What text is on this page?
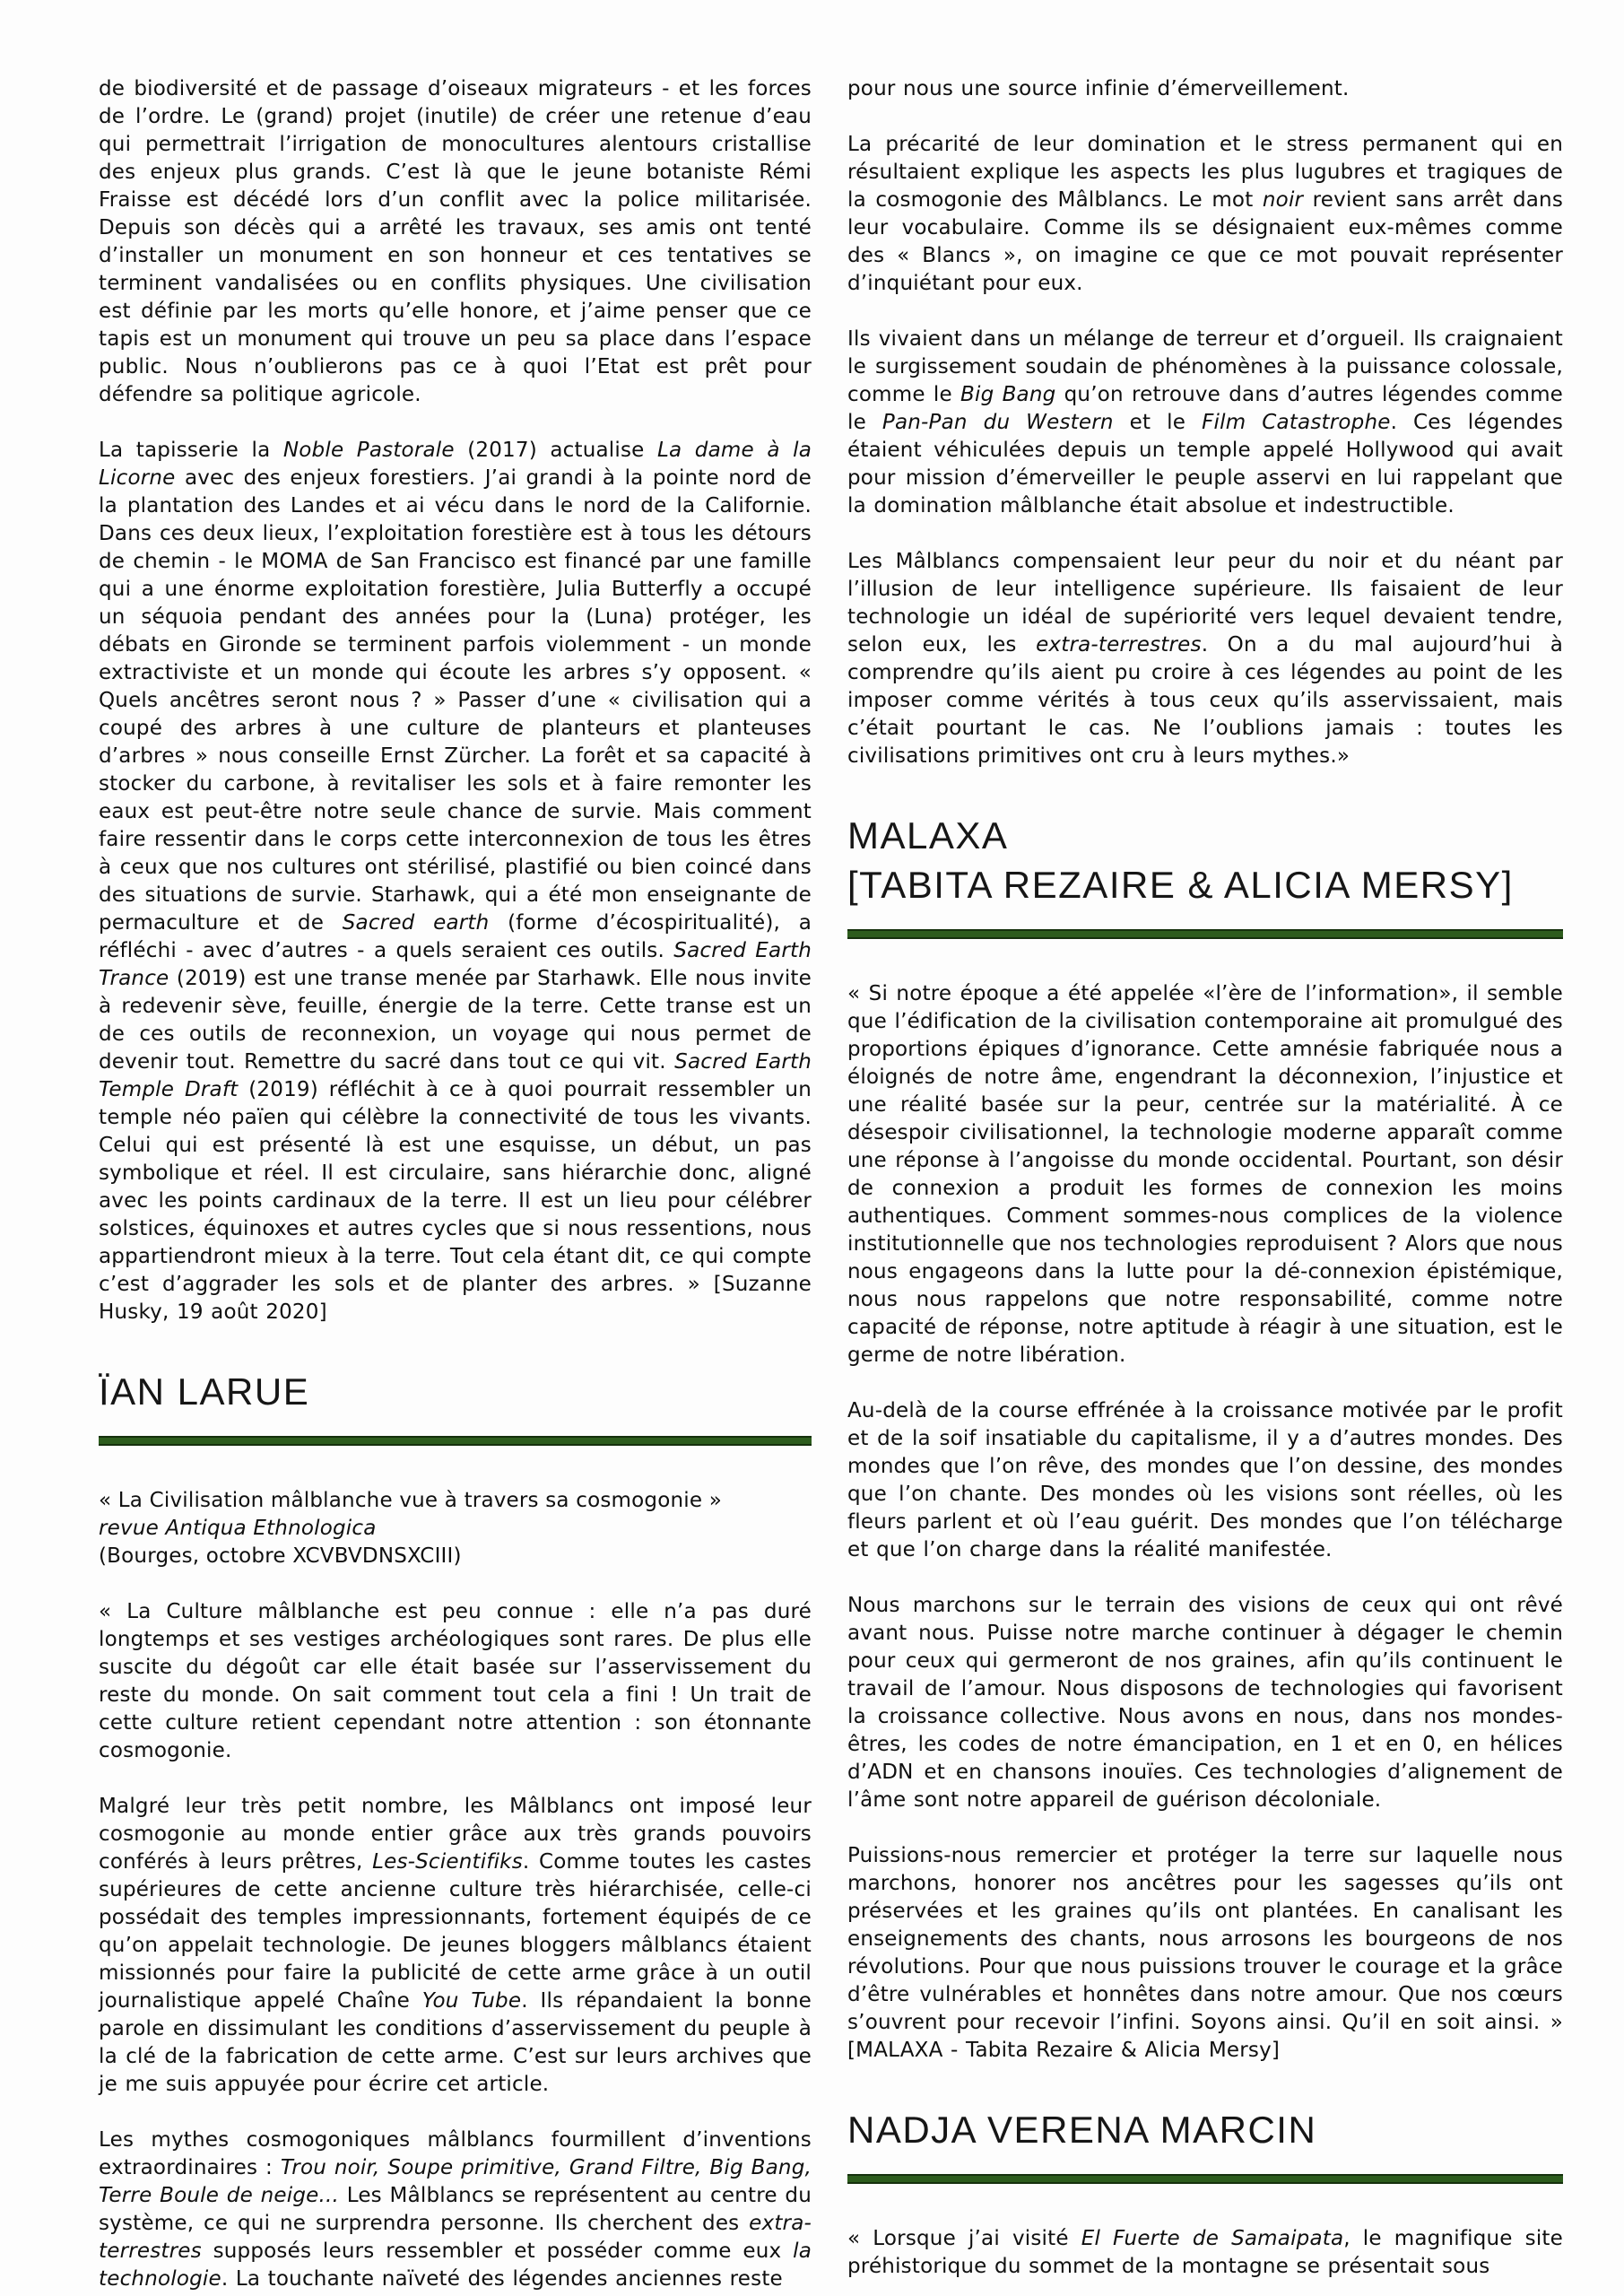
de biodiversité et de passage d’oiseaux migrateurs - et les forces de l’ordre. Le (grand) projet (inutile) de créer une retenue d’eau qui permettrait l’irrigation de monocultures alentours cristallise des enjeux plus grands. C’est là que le jeune botaniste Rémi Fraisse est décédé lors d’un conflit avec la police militarisée. Depuis son décès qui a arrêté les travaux, ses amis ont tenté d’installer un monument en son honneur et ces tentatives se terminent vandalisées ou en conflits physiques. Une civilisation est définie par les morts qu’elle honore, et j’aime penser que ce tapis est un monument qui trouve un peu sa place dans l’espace public. Nous n’oublierons pas ce à quoi l’Etat est prêt pour défendre sa politique agricole.

La tapisserie la Noble Pastorale (2017) actualise La dame à la Licorne avec des enjeux forestiers. J’ai grandi à la pointe nord de la plantation des Landes et ai vécu dans le nord de la Californie. Dans ces deux lieux, l’exploitation forestière est à tous les détours de chemin - le MOMA de San Francisco est financé par une famille qui a une énorme exploitation forestière, Julia Butterfly a occupé un séquoia pendant des années pour la (Luna) protéger, les débats en Gironde se terminent parfois violemment - un monde extractiviste et un monde qui écoute les arbres s’y opposent. « Quels ancêtres seront nous ? » Passer d’une « civilisation qui a coupé des arbres à une culture de planteurs et planteuses d’arbres » nous conseille Ernst Zürcher. La forêt et sa capacité à stocker du carbone, à revitaliser les sols et à faire remonter les eaux est peut-être notre seule chance de survie. Mais comment faire ressentir dans le corps cette interconnexion de tous les êtres à ceux que nos cultures ont stérilisé, plastifié ou bien coincé dans des situations de survie. Starhawk, qui a été mon enseignante de permaculture et de Sacred earth (forme d’écospiritualité), a réfléchi - avec d’autres - a quels seraient ces outils. Sacred Earth Trance (2019) est une transe menée par Starhawk. Elle nous invite à redevenir sève, feuille, énergie de la terre. Cette transe est un de ces outils de reconnexion, un voyage qui nous permet de devenir tout. Remettre du sacré dans tout ce qui vit. Sacred Earth Temple Draft (2019) réfléchit à ce à quoi pourrait ressembler un temple néo païen qui célèbre la connectivité de tous les vivants. Celui qui est présenté là est une esquisse, un début, un pas symbolique et réel. Il est circulaire, sans hiérarchie donc, aligné avec les points cardinaux de la terre. Il est un lieu pour célébrer solstices, équinoxes et autres cycles que si nous ressentions, nous appartiendront mieux à la terre. Tout cela étant dit, ce qui compte c’est d’aggrader les sols et de planter des arbres. » [Suzanne Husky, 19 août 2020]

ÏAN LARUE
« La Civilisation mâlblanche vue à travers sa cosmogonie »
revue Antiqua Ethnologica
(Bourges, octobre XCVBVDNSXCIII)

« La Culture mâlblanche est peu connue : elle n’a pas duré longtemps et ses vestiges archéologiques sont rares. De plus elle suscite du dégoût car elle était basée sur l’asservissement du reste du monde. On sait comment tout cela a fini ! Un trait de cette culture retient cependant notre attention : son étonnante cosmogonie.

Malgré leur très petit nombre, les Mâlblancs ont imposé leur cosmogonie au monde entier grâce aux très grands pouvoirs conférés à leurs prêtres, Les-Scientifiks. Comme toutes les castes supérieures de cette ancienne culture très hiérarchisée, celle-ci possédait des temples impressionnants, fortement équipés de ce qu’on appelait technologie. De jeunes bloggers mâlblancs étaient missionnés pour faire la publicité de cette arme grâce à un outil journalistique appelé Chaîne You Tube. Ils répandaient la bonne parole en dissimulant les conditions d’asservissement du peuple à la clé de la fabrication de cette arme. C’est sur leurs archives que je me suis appuyée pour écrire cet article.

Les mythes cosmogoniques mâlblancs fourmillent d’inventions extraordinaires : Trou noir, Soupe primitive, Grand Filtre, Big Bang, Terre Boule de neige... Les Mâlblancs se représentent au centre du système, ce qui ne surprendra personne. Ils cherchent des extra-terrestres supposés leurs ressembler et posséder comme eux la technologie. La touchante naïveté des légendes anciennes reste

pour nous une source infinie d’émerveillement.

La précarité de leur domination et le stress permanent qui en résultaient explique les aspects les plus lugubres et tragiques de la cosmogonie des Mâlblancs. Le mot noir revient sans arrêt dans leur vocabulaire. Comme ils se désignaient eux-mêmes comme des « Blancs », on imagine ce que ce mot pouvait représenter d’inquiétant pour eux.

Ils vivaient dans un mélange de terreur et d’orgueil. Ils craignaient le surgissement soudain de phénomènes à la puissance colossale, comme le Big Bang qu’on retrouve dans d’autres légendes comme le Pan-Pan du Western et le Film Catastrophe. Ces légendes étaient véhiculées depuis un temple appelé Hollywood qui avait pour mission d’émerveiller le peuple asservi en lui rappelant que la domination mâlblanche était absolue et indestructible.

Les Mâlblancs compensaient leur peur du noir et du néant par l’illusion de leur intelligence supérieure. Ils faisaient de leur technologie un idéal de supériorité vers lequel devaient tendre, selon eux, les extra-terrestres. On a du mal aujourd’hui à comprendre qu’ils aient pu croire à ces légendes au point de les imposer comme vérités à tous ceux qu’ils asservissaient, mais c’était pourtant le cas. Ne l’oublions jamais : toutes les civilisations primitives ont cru à leurs mythes.»

MALAXA
[TABITA REZAIRE & ALICIA MERSY]

« Si notre époque a été appelée «l’ère de l’information», il semble que l’édification de la civilisation contemporaine ait promulgué des proportions épiques d’ignorance. Cette amnésie fabriquée nous a éloignés de notre âme, engendrant la déconnexion, l’injustice et une réalité basée sur la peur, centrée sur la matérialité. À ce désespoir civilisationnel, la technologie moderne apparaît comme une réponse à l’angoisse du monde occidental. Pourtant, son désir de connexion a produit les formes de connexion les moins authentiques. Comment sommes-nous complices de la violence institutionnelle que nos technologies reproduisent ? Alors que nous nous engageons dans la lutte pour la dé-connexion épistémique, nous nous rappelons que notre responsabilité, comme notre capacité de réponse, notre aptitude à réagir à une situation, est le germe de notre libération.

Au-delà de la course effrénée à la croissance motivée par le profit et de la soif insatiable du capitalisme, il y a d’autres mondes. Des mondes que l’on rêve, des mondes que l’on dessine, des mondes que l’on chante. Des mondes où les visions sont réelles, où les fleurs parlent et où l’eau guérit. Des mondes que l’on télécharge et que l’on charge dans la réalité manifestée.

Nous marchons sur le terrain des visions de ceux qui ont rêvé avant nous. Puisse notre marche continuer à dégager le chemin pour ceux qui germeront de nos graines, afin qu’ils continuent le travail de l’amour. Nous disposons de technologies qui favorisent la croissance collective. Nous avons en nous, dans nos mondes-êtres, les codes de notre émancipation, en 1 et en 0, en hélices d’ADN et en chansons inouïes. Ces technologies d’alignement de l’âme sont notre appareil de guérison décoloniale.

Puissions-nous remercier et protéger la terre sur laquelle nous marchons, honorer nos ancêtres pour les sagesses qu’ils ont préservées et les graines qu’ils ont plantées. En canalisant les enseignements des chants, nous arrosons les bourgeons de nos révolutions. Pour que nous puissions trouver le courage et la grâce d’être vulnérables et honnêtes dans notre amour. Que nos cœurs s’ouvrent pour recevoir l’infini. Soyons ainsi. Qu’il en soit ainsi. » [MALAXA - Tabita Rezaire & Alicia Mersy]

NADJA VERENA MARCIN

« Lorsque j’ai visité El Fuerte de Samaipata, le magnifique site préhistorique du sommet de la montagne se présentait sous
